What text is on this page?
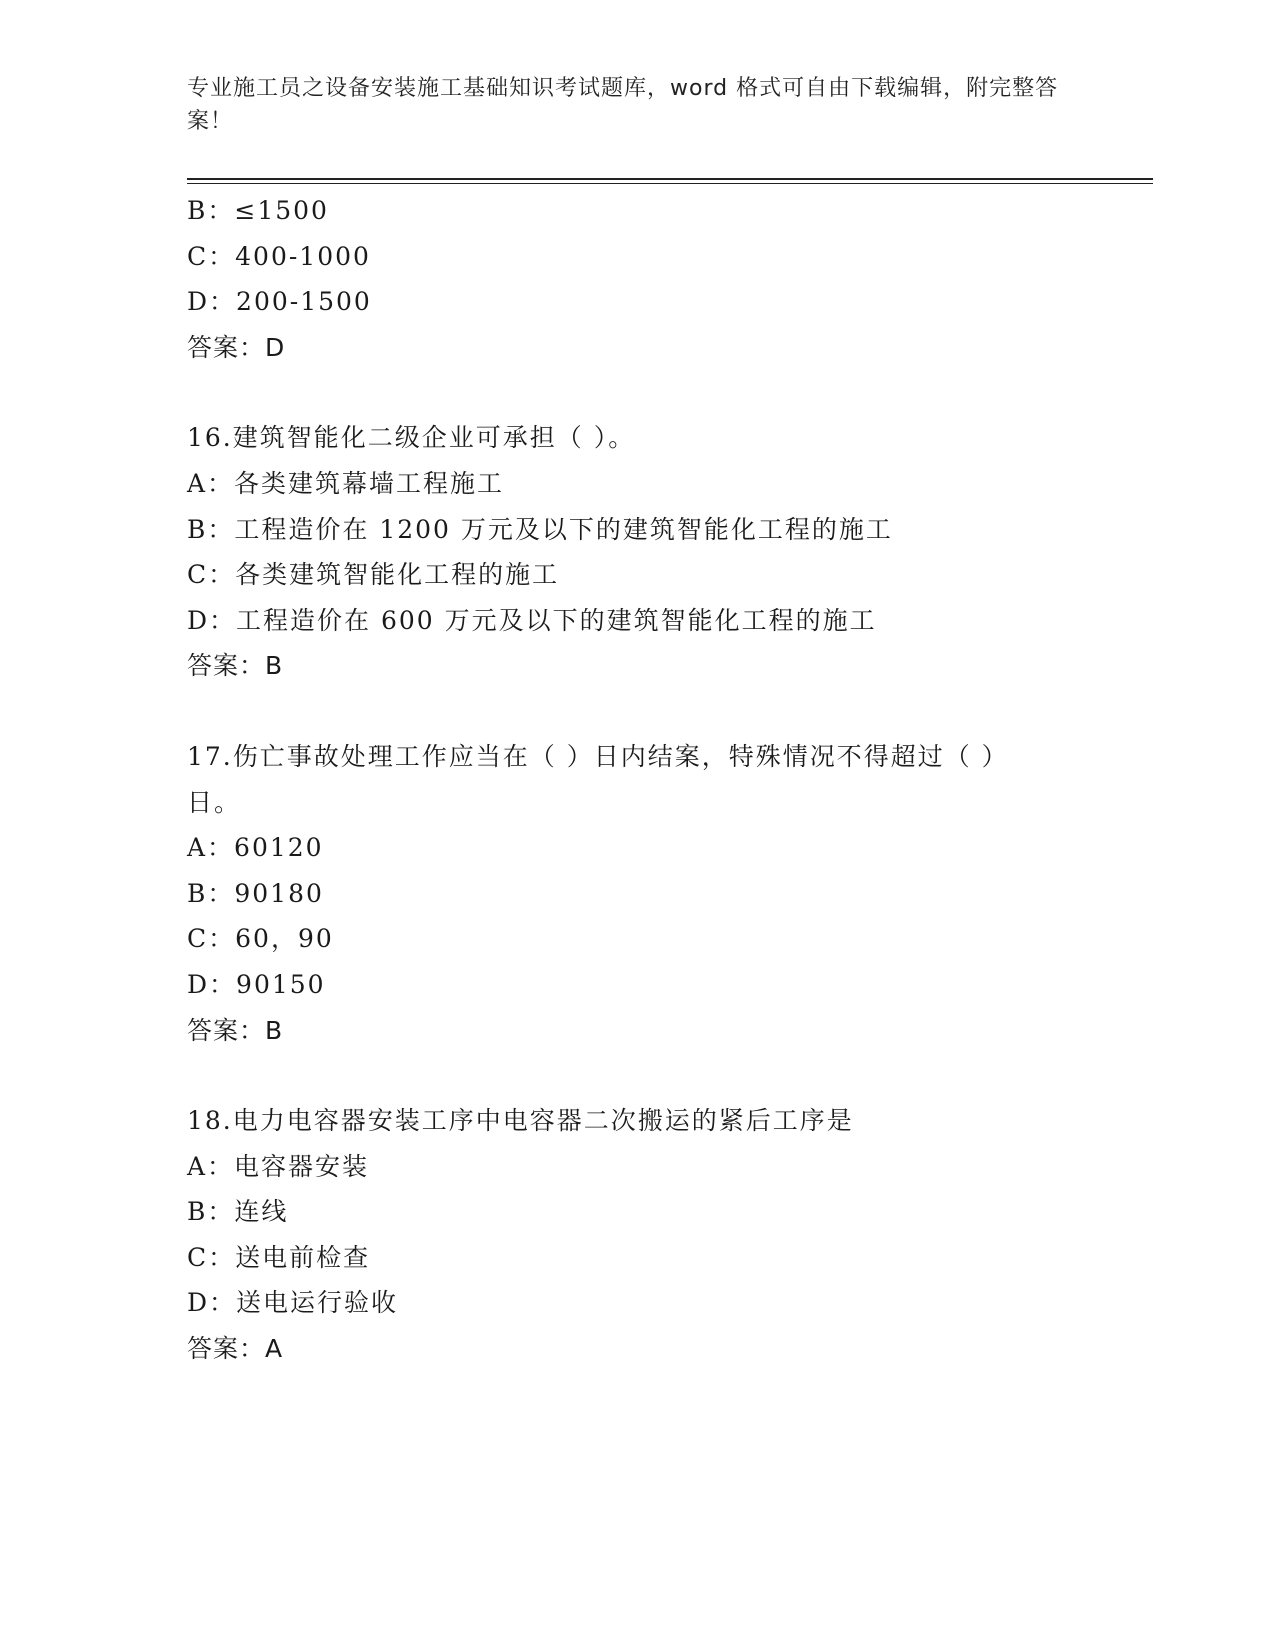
专业施工员之设备安装施工基础知识考试题库，word 格式可自由下载编辑，附完整答案！
B：≤1500
C：400-1000
D：200-1500
答案：D
16.建筑智能化二级企业可承担（ ）。
A：各类建筑幕墙工程施工
B：工程造价在 1200 万元及以下的建筑智能化工程的施工
C：各类建筑智能化工程的施工
D：工程造价在 600 万元及以下的建筑智能化工程的施工
答案：B
17.伤亡事故处理工作应当在（ ）日内结案，特殊情况不得超过（ ）
日。
A：60120
B：90180
C：60，90
D：90150
答案：B
18.电力电容器安装工序中电容器二次搬运的紧后工序是
A：电容器安装
B：连线
C：送电前检查
D：送电运行验收
答案：A
